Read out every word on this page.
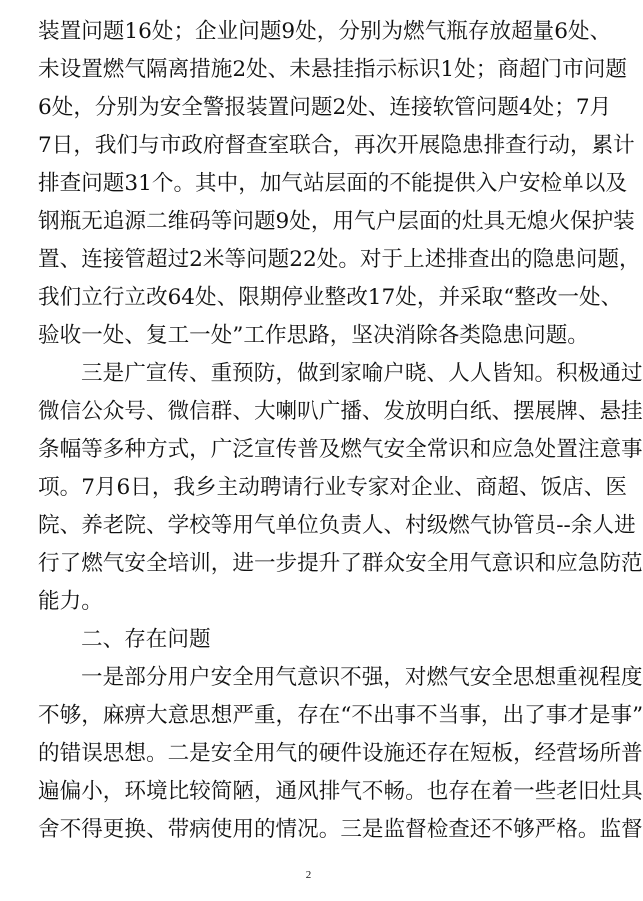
装置问题16处；企业问题9处，分别为燃气瓶存放超量6处、
未设置燃气隔离措施2处、未悬挂指示标识1处；商超门市问题
6处，分别为安全警报装置问题2处、连接软管问题4处；7月
7日，我们与市政府督查室联合，再次开展隐患排查行动，累计
排查问题31个。其中，加气站层面的不能提供入户安检单以及
钢瓶无追源二维码等问题9处，用气户层面的灶具无熄火保护装
置、连接管超过2米等问题22处。对于上述排查出的隐患问题，
我们立行立改64处、限期停业整改17处，并采取“整改一处、
验收一处、复工一处”工作思路，坚决消除各类隐患问题。
三是广宣传、重预防，做到家喻户晓、人人皆知。积极通过
微信公众号、微信群、大喇叭广播、发放明白纸、摆展牌、悬挂
条幅等多种方式，广泛宣传普及燃气安全常识和应急处置注意事
项。7月6日，我乡主动聘请行业专家对企业、商超、饭店、医
院、养老院、学校等用气单位负责人、村级燃气协管员--余人进
行了燃气安全培训，进一步提升了群众安全用气意识和应急防范
能力。
二、存在问题
一是部分用户安全用气意识不强，对燃气安全思想重视程度
不够，麻痹大意思想严重，存在“不出事不当事，出了事才是事”
的错误思想。二是安全用气的硬件设施还存在短板，经营场所普
遍偏小，环境比较简陋，通风排气不畅。也存在着一些老旧灶具
舍不得更换、带病使用的情况。三是监督检查还不够严格。监督
2
